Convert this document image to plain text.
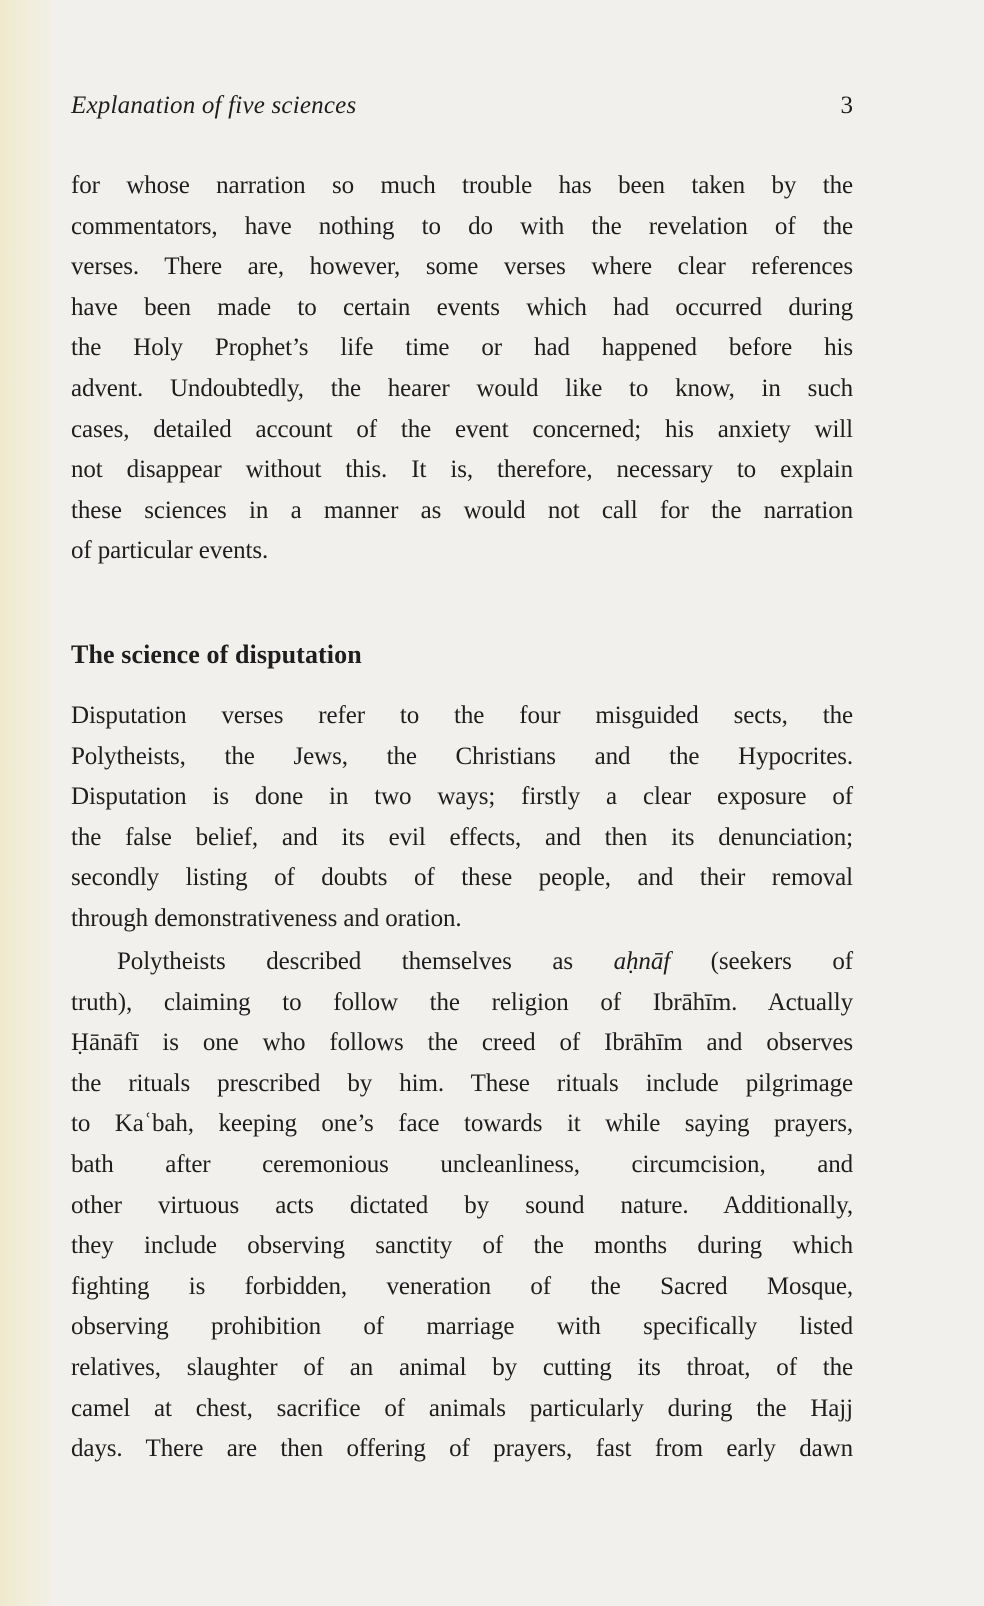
Explanation of five sciences	3
for whose narration so much trouble has been taken by the
commentators, have nothing to do with the revelation of the
verses. There are, however, some verses where clear references
have been made to certain events which had occurred during
the Holy Prophet’s life time or had happened before his
advent. Undoubtedly, the hearer would like to know, in such
cases, detailed account of the event concerned; his anxiety will
not disappear without this. It is, therefore, necessary to explain
these sciences in a manner as would not call for the narration
of particular events.
The science of disputation
Disputation verses refer to the four misguided sects, the
Polytheists, the Jews, the Christians and the Hypocrites.
Disputation is done in two ways; firstly a clear exposure of
the false belief, and its evil effects, and then its denunciation;
secondly listing of doubts of these people, and their removal
through demonstrativeness and oration.
Polytheists described themselves as aḥnāf (seekers of
truth), claiming to follow the religion of Ibrāhīm. Actually
Ḥānāfī is one who follows the creed of Ibrāhīm and observes
the rituals prescribed by him. These rituals include pilgrimage
to Kaʿbah, keeping one’s face towards it while saying prayers,
bath after ceremonious uncleanliness, circumcision, and
other virtuous acts dictated by sound nature. Additionally,
they include observing sanctity of the months during which
fighting is forbidden, veneration of the Sacred Mosque,
observing prohibition of marriage with specifically listed
relatives, slaughter of an animal by cutting its throat, of the
camel at chest, sacrifice of animals particularly during the Hajj
days. There are then offering of prayers, fast from early dawn
